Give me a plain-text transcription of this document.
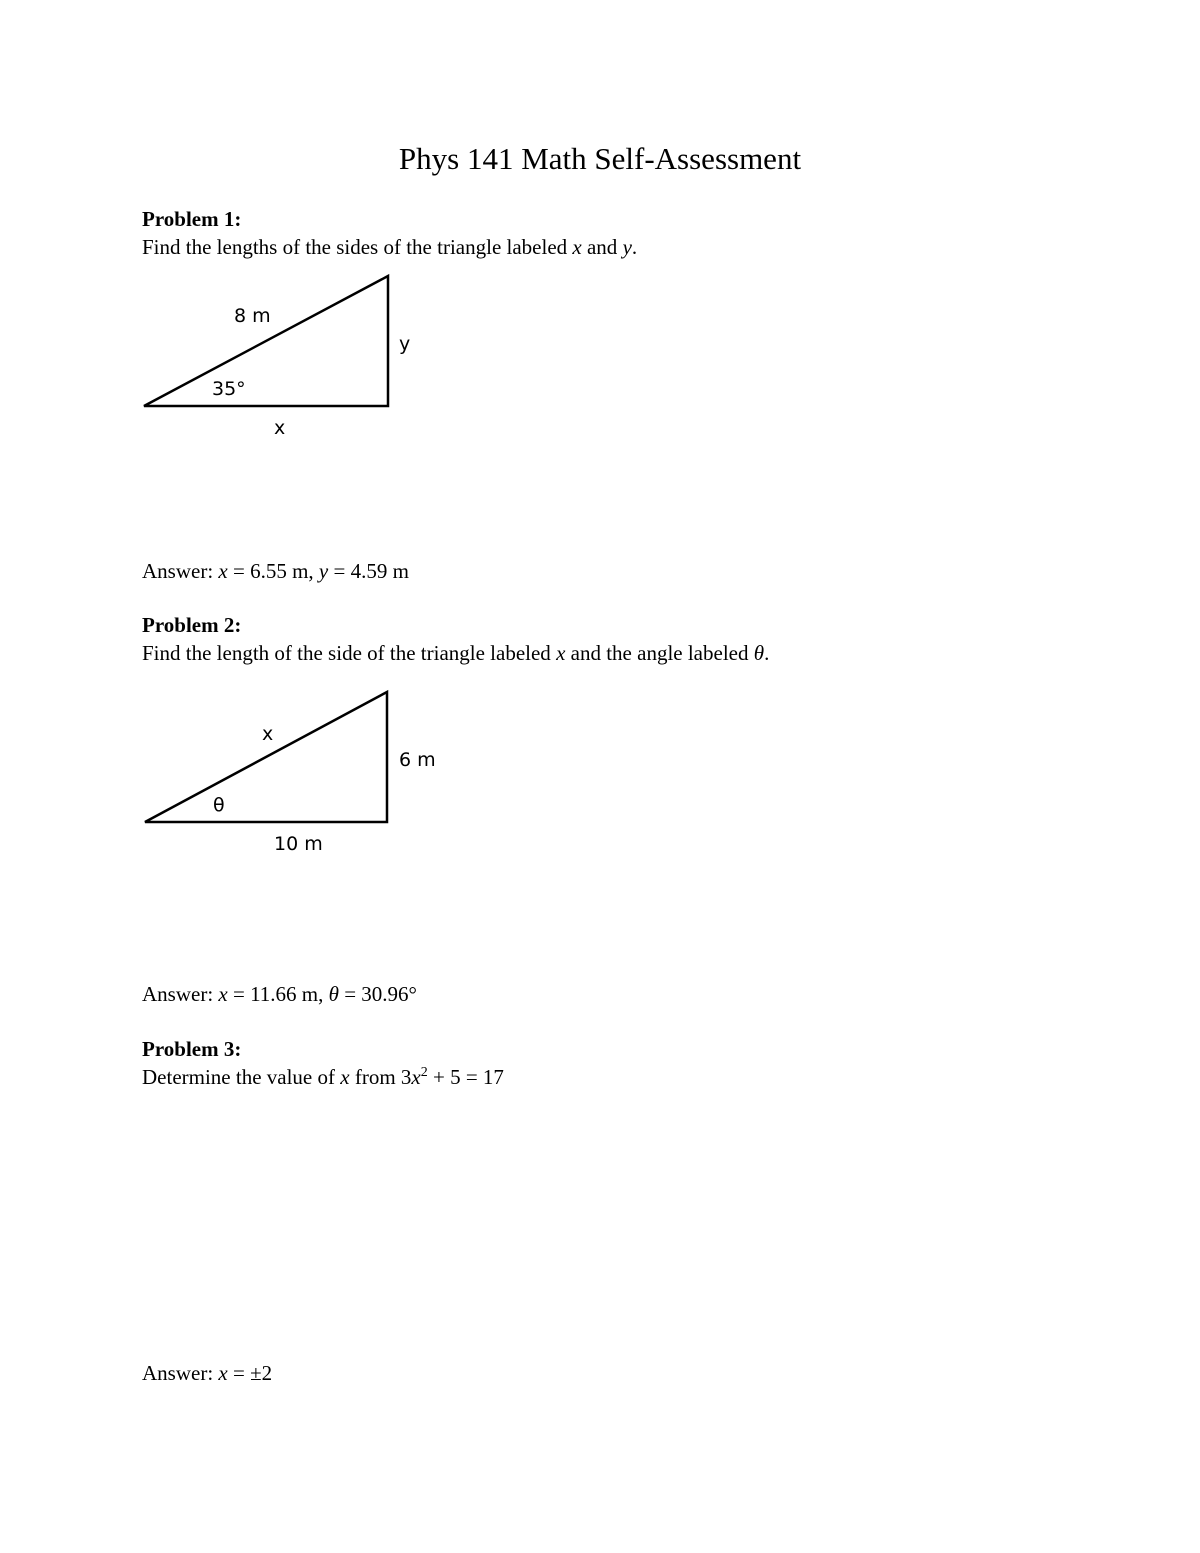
Phys 141 Math Self-Assessment
Problem 1:
Find the lengths of the sides of the triangle labeled x and y.
8 m
y
35°
x
x
6 m
θ
10 m
Answer: x = 6.55 m, y = 4.59 m
Problem 2:
Find the length of the side of the triangle labeled x and the angle labeled θ.
Answer: x = 11.66 m, θ = 30.96°
Problem 3:
Determine the value of x from $3x^2 + 5 = 17$
Answer: x = ±2
